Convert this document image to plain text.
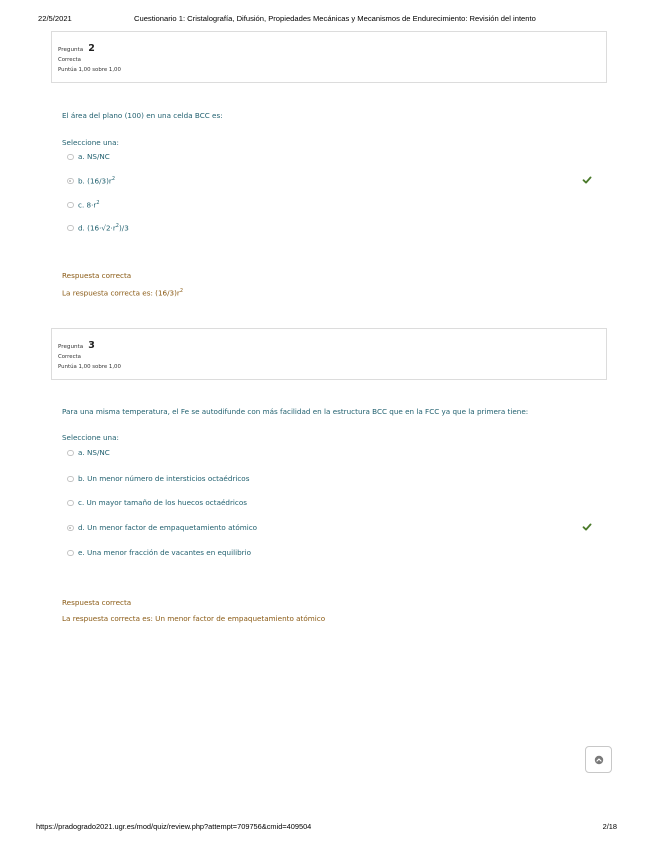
22/5/2021	Cuestionario 1: Cristalografía, Difusión, Propiedades Mecánicas y Mecanismos de Endurecimiento: Revisión del intento
Pregunta 2
Correcta
Puntúa 1,00 sobre 1,00
El área del plano (100) en una celda BCC es:
Seleccione una:
a. NS/NC
b. $(16/3)r^2$
c. $8\cdot r^2$
d. $(16\cdot√2\cdot r^2)/3$
Respuesta correcta
La respuesta correcta es: $(16/3)r^2$
Pregunta 3
Correcta
Puntúa 1,00 sobre 1,00
Para una misma temperatura, el Fe se autodifunde con más facilidad en la estructura BCC que en la FCC ya que la primera tiene:
Seleccione una:
a. NS/NC
b. Un menor número de intersticios octaédricos
c. Un mayor tamaño de los huecos octaédricos
d. Un menor factor de empaquetamiento atómico
e. Una menor fracción de vacantes en equilibrio
Respuesta correcta
La respuesta correcta es: Un menor factor de empaquetamiento atómico
https://pradogrado2021.ugr.es/mod/quiz/review.php?attempt=709756&cmid=409504	2/18
